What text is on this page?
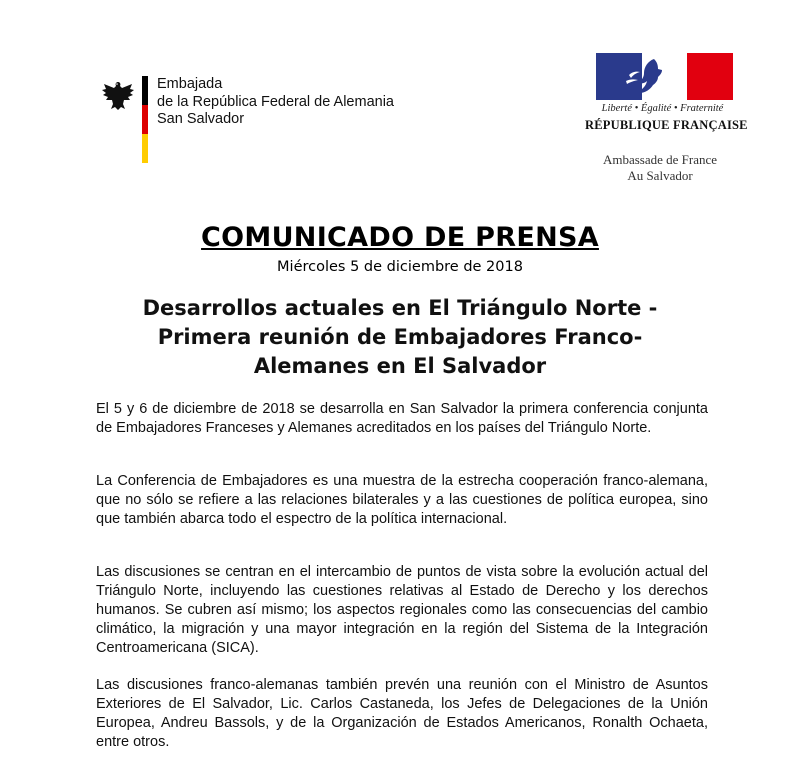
Embajada
de la República Federal de Alemania
San Salvador
Liberté • Égalité • Fraternité
RÉPUBLIQUE FRANÇAISE
Ambassade de France
Au Salvador
COMUNICADO DE PRENSA
Miércoles 5 de diciembre de 2018
Desarrollos actuales en El Triángulo Norte -
Primera reunión de Embajadores Franco-
Alemanes en El Salvador

El 5 y 6 de diciembre de 2018 se desarrolla en San Salvador la primera conferencia conjunta de Embajadores Franceses y Alemanes acreditados en los países del Triángulo Norte.

La Conferencia de Embajadores es una muestra de la estrecha cooperación franco-alemana, que no sólo se refiere a las relaciones bilaterales y a las cuestiones de política europea, sino que también abarca todo el espectro de la política internacional.

Las discusiones se centran en el intercambio de puntos de vista sobre la evolución actual del Triángulo Norte, incluyendo las cuestiones relativas al Estado de Derecho y los derechos humanos. Se cubren así mismo; los aspectos regionales como las consecuencias del cambio climático, la migración y una mayor integración en la región del Sistema de la Integración Centroamericana (SICA).

Las discusiones franco-alemanas también prevén una reunión con el Ministro de Asuntos Exteriores de El Salvador, Lic. Carlos Castaneda, los Jefes de Delegaciones de la Unión Europea, Andreu Bassols, y de la Organización de Estados Americanos, Ronalth Ochaeta, entre otros.
